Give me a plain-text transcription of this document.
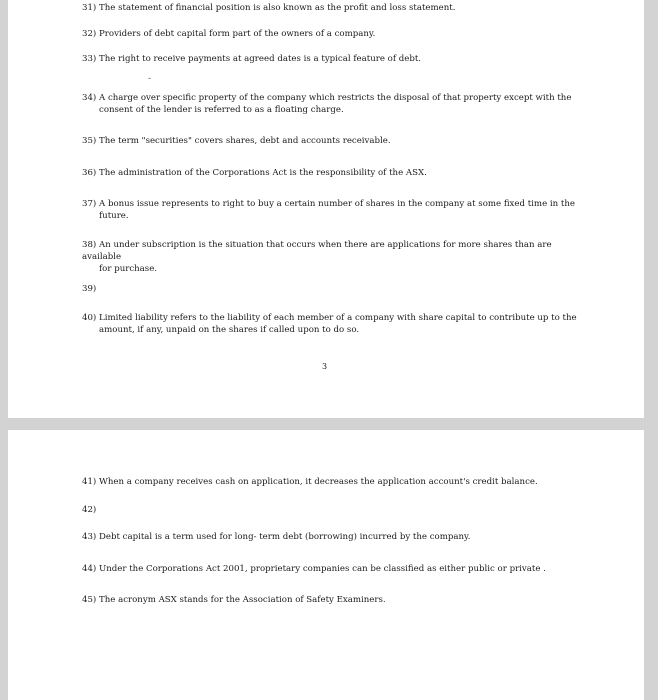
31) The statement of financial position is also known as the profit and loss statement.
32) Providers of debt capital form part of the owners of a company.
33) The right to receive payments at agreed dates is a typical feature of debt.
-
34) A charge over specific property of the company which restricts the disposal of that property except with the
consent of the lender is referred to as a floating charge.
35) The term "securities" covers shares, debt and accounts receivable.
36) The administration of the Corporations Act is the responsibility of the ASX.
37) A bonus issue represents to right to buy a certain number of shares in the company at some fixed time in the
future.
38) An under subscription is the situation that occurs when there are applications for more shares than are available
for purchase.
39)
40) Limited liability refers to the liability of each member of a company with share capital to contribute up to the
amount, if any, unpaid on the shares if called upon to do so.
3
41) When a company receives cash on application, it decreases the application account's credit balance.
42)
43) Debt capital is a term used for long- term debt (borrowing) incurred by the company.
44) Under the Corporations Act 2001, proprietary companies can be classified as either public or private .
45) The acronym ASX stands for the Association of Safety Examiners.
